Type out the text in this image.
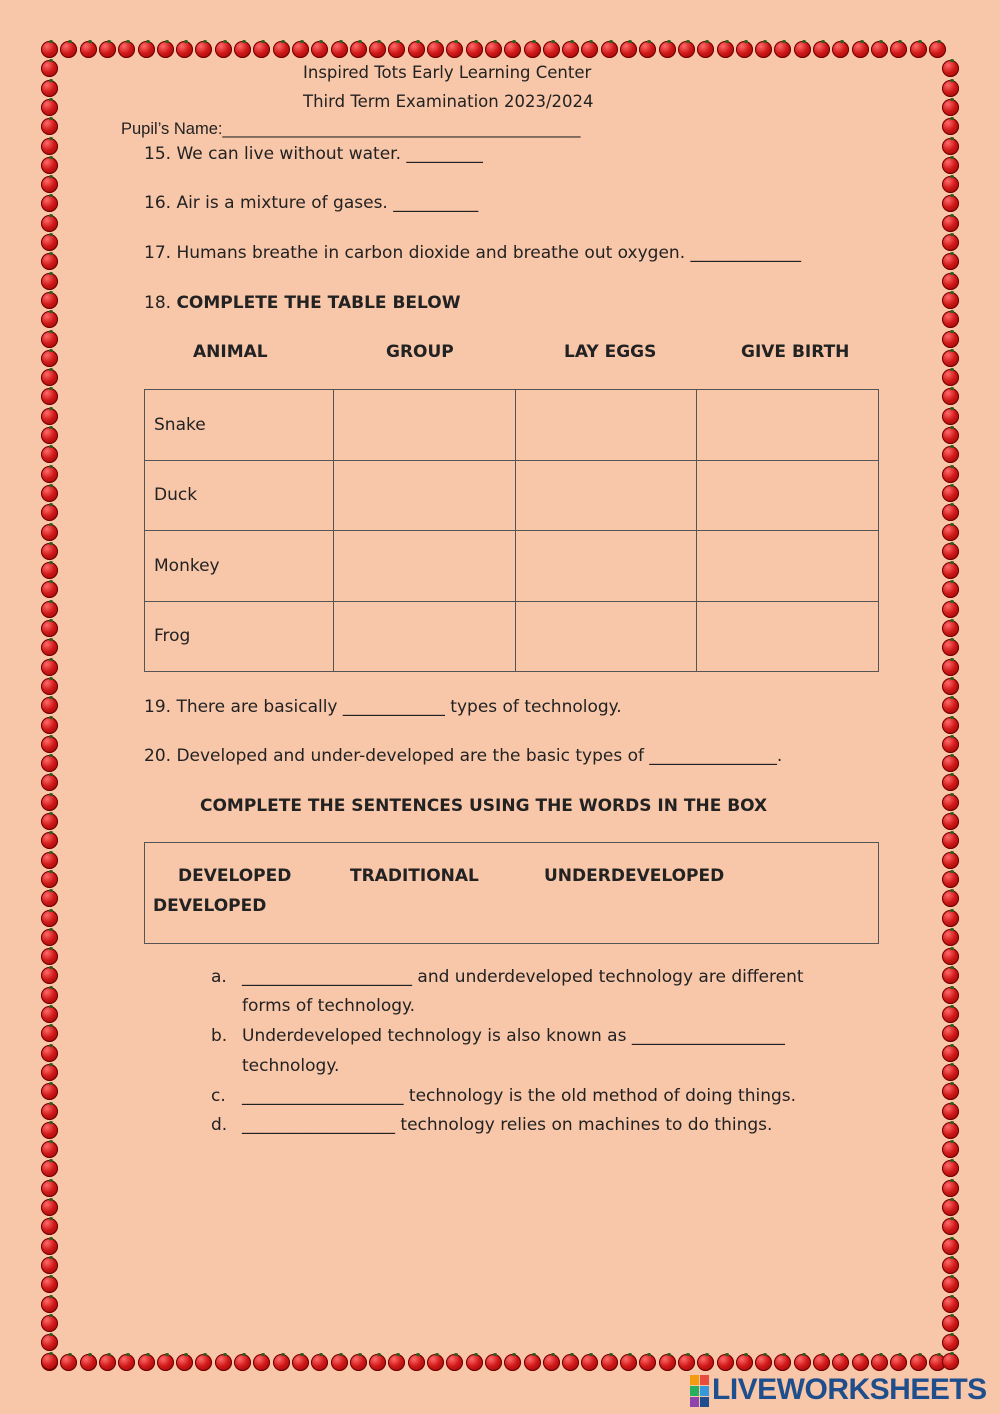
Inspired Tots Early Learning Center
Third Term Examination 2023/2024
Pupil’s Name:_______________________________________
15. We can live without water. _________
16. Air is a mixture of gases. __________
17. Humans breathe in carbon dioxide and breathe out oxygen. _____________
18. COMPLETE THE TABLE BELOW
ANIMAL	GROUP	LAY EGGS	GIVE BIRTH
Snake			
Duck			
Monkey			
Frog			
19. There are basically ____________ types of technology.
20. Developed and under-developed are the basic types of _______________.
COMPLETE THE SENTENCES USING THE WORDS IN THE BOX
DEVELOPED	TRADITIONAL	UNDERDEVELOPED
DEVELOPED
a. ____________________ and underdeveloped technology are different
forms of technology.
b. Underdeveloped technology is also known as __________________
technology.
c. ___________________ technology is the old method of doing things.
d. __________________ technology relies on machines to do things.
LIVEWORKSHEETS
